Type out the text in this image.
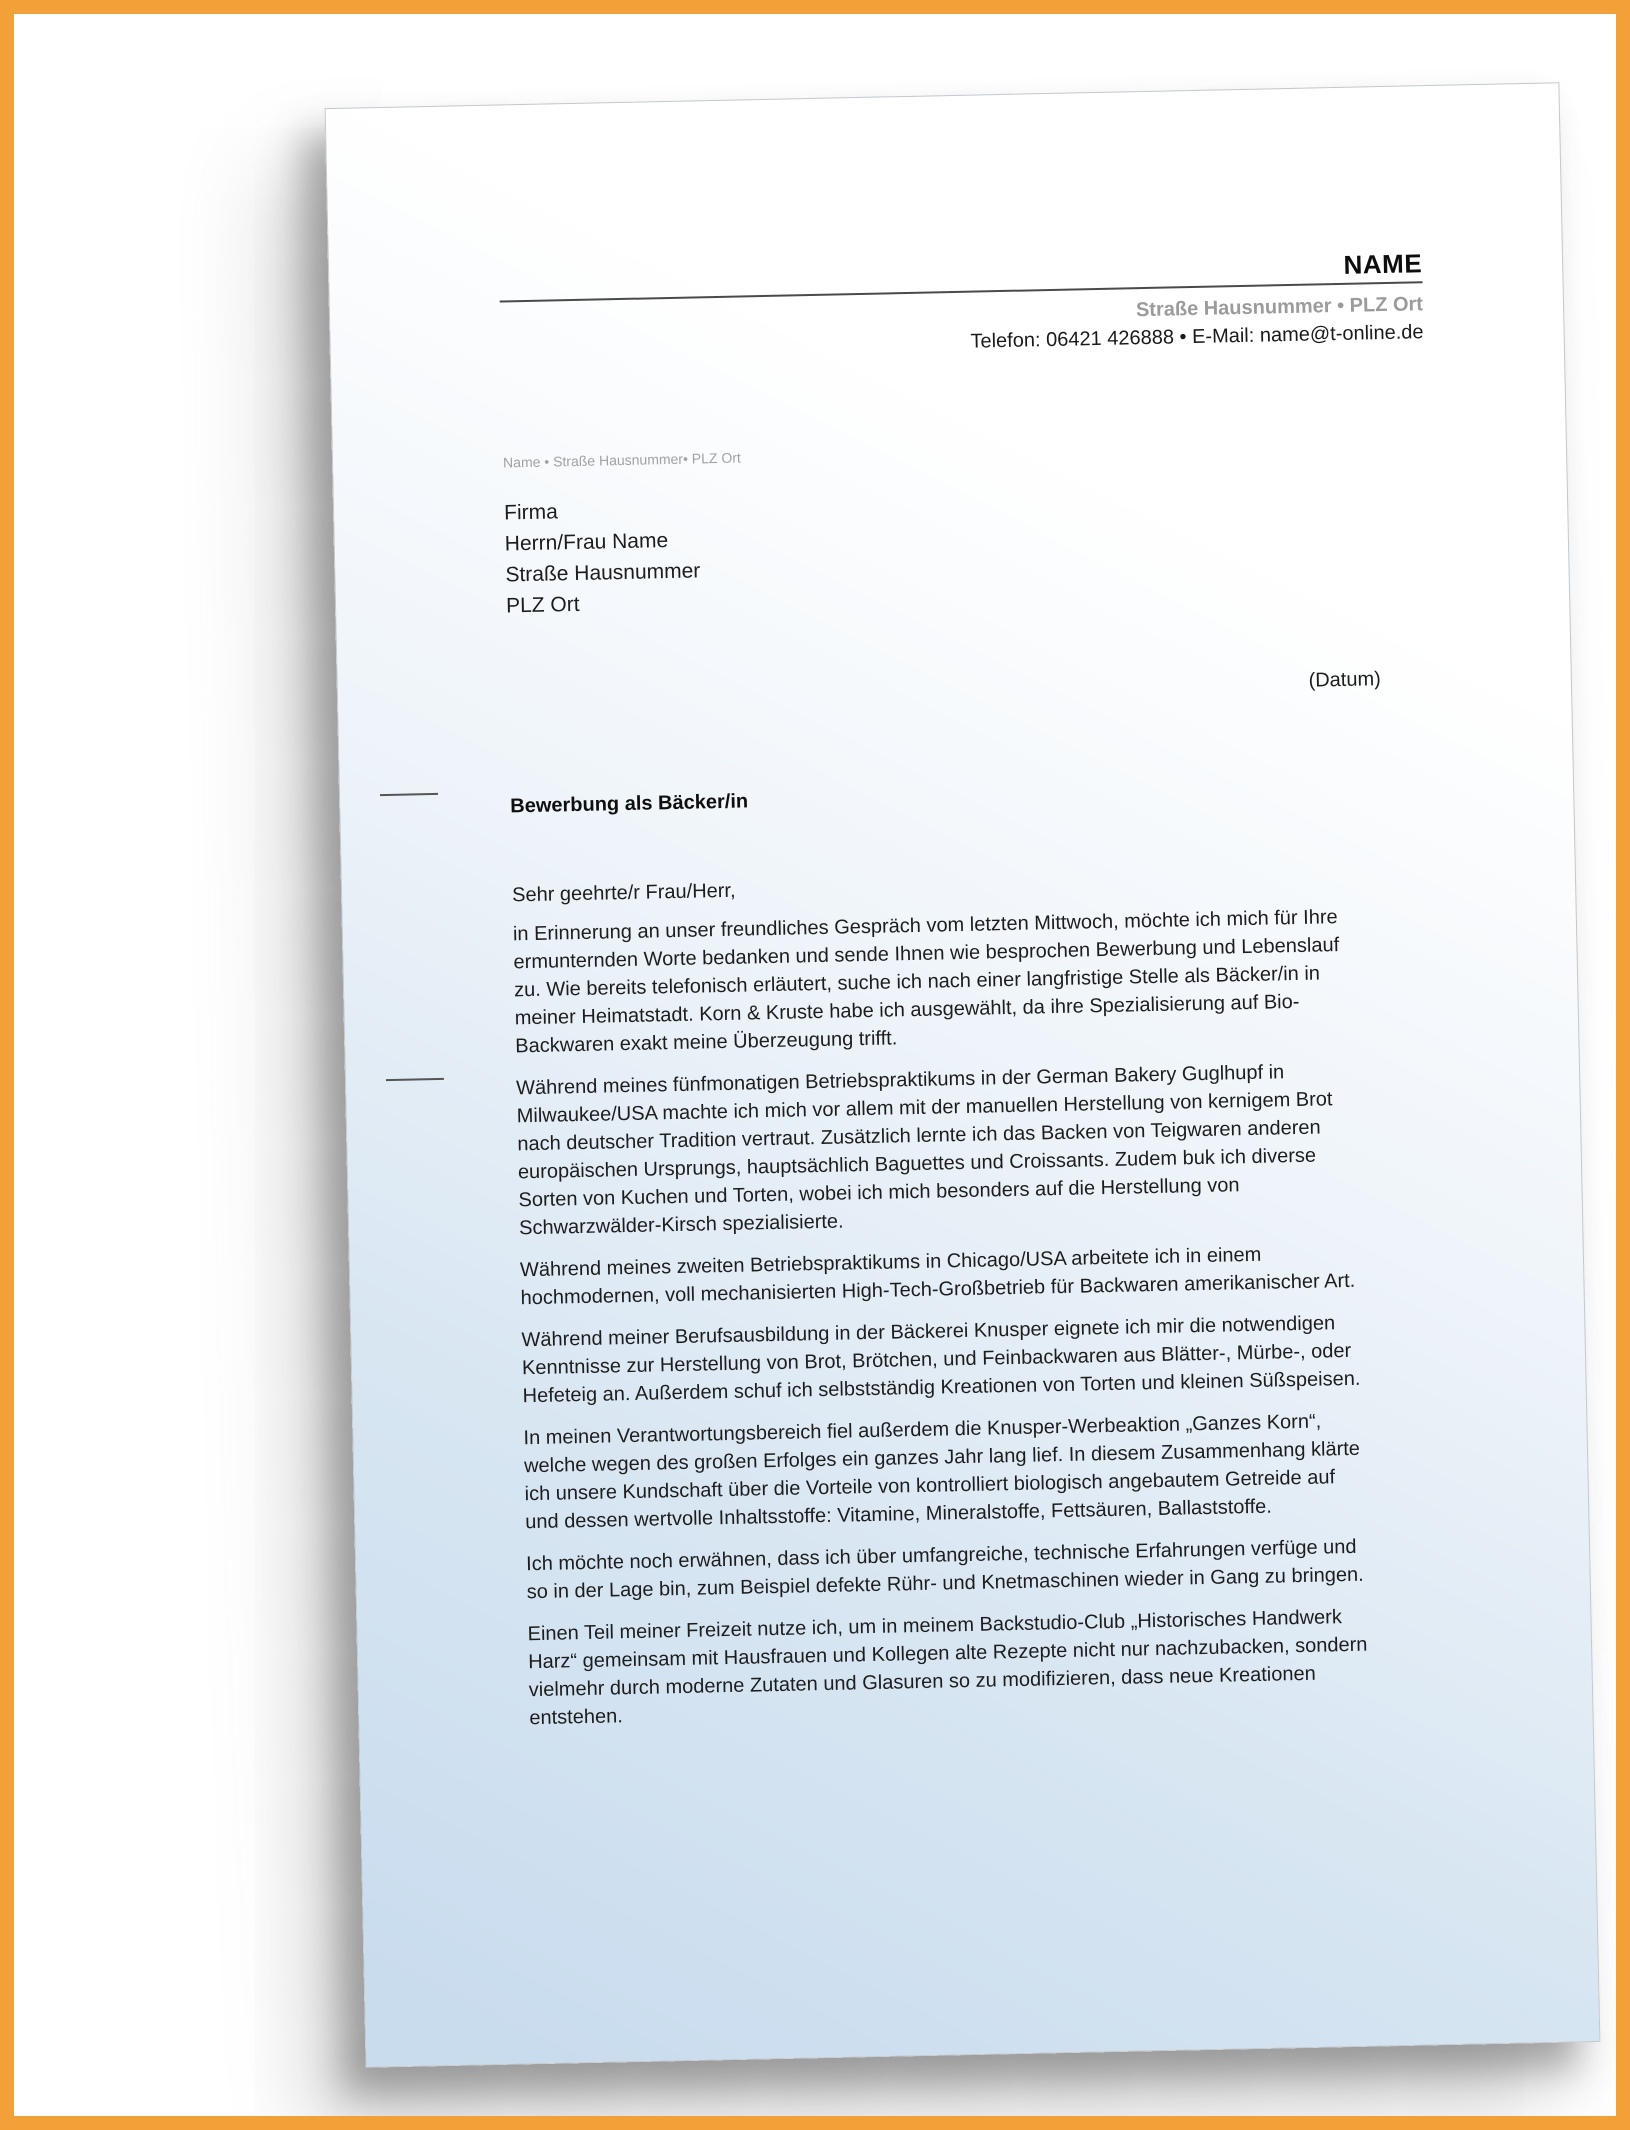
NAME
Straße Hausnummer • PLZ Ort
Telefon: 06421 426888 • E-Mail: name@t-online.de
Name • Straße Hausnummer• PLZ Ort
Firma
Herrn/Frau Name
Straße Hausnummer
PLZ Ort
(Datum)
Bewerbung als Bäcker/in
Sehr geehrte/r Frau/Herr,

in Erinnerung an unser freundliches Gespräch vom letzten Mittwoch, möchte ich mich für Ihre
ermunternden Worte bedanken und sende Ihnen wie besprochen Bewerbung und Lebenslauf
zu. Wie bereits telefonisch erläutert, suche ich nach einer langfristige Stelle als Bäcker/in in
meiner Heimatstadt. Korn & Kruste habe ich ausgewählt, da ihre Spezialisierung auf Bio-
Backwaren exakt meine Überzeugung trifft.

Während meines fünfmonatigen Betriebspraktikums in der German Bakery Guglhupf in
Milwaukee/USA machte ich mich vor allem mit der manuellen Herstellung von kernigem Brot
nach deutscher Tradition vertraut. Zusätzlich lernte ich das Backen von Teigwaren anderen
europäischen Ursprungs, hauptsächlich Baguettes und Croissants. Zudem buk ich diverse
Sorten von Kuchen und Torten, wobei ich mich besonders auf die Herstellung von
Schwarzwälder-Kirsch spezialisierte.

Während meines zweiten Betriebspraktikums in Chicago/USA arbeitete ich in einem
hochmodernen, voll mechanisierten High-Tech-Großbetrieb für Backwaren amerikanischer Art.

Während meiner Berufsausbildung in der Bäckerei Knusper eignete ich mir die notwendigen
Kenntnisse zur Herstellung von Brot, Brötchen, und Feinbackwaren aus Blätter-, Mürbe-, oder
Hefeteig an. Außerdem schuf ich selbstständig Kreationen von Torten und kleinen Süßspeisen.

In meinen Verantwortungsbereich fiel außerdem die Knusper-Werbeaktion „Ganzes Korn“,
welche wegen des großen Erfolges ein ganzes Jahr lang lief. In diesem Zusammenhang klärte
ich unsere Kundschaft über die Vorteile von kontrolliert biologisch angebautem Getreide auf
und dessen wertvolle Inhaltsstoffe: Vitamine, Mineralstoffe, Fettsäuren, Ballaststoffe.

Ich möchte noch erwähnen, dass ich über umfangreiche, technische Erfahrungen verfüge und
so in der Lage bin, zum Beispiel defekte Rühr- und Knetmaschinen wieder in Gang zu bringen.

Einen Teil meiner Freizeit nutze ich, um in meinem Backstudio-Club „Historisches Handwerk
Harz“ gemeinsam mit Hausfrauen und Kollegen alte Rezepte nicht nur nachzubacken, sondern
vielmehr durch moderne Zutaten und Glasuren so zu modifizieren, dass neue Kreationen
entstehen.
